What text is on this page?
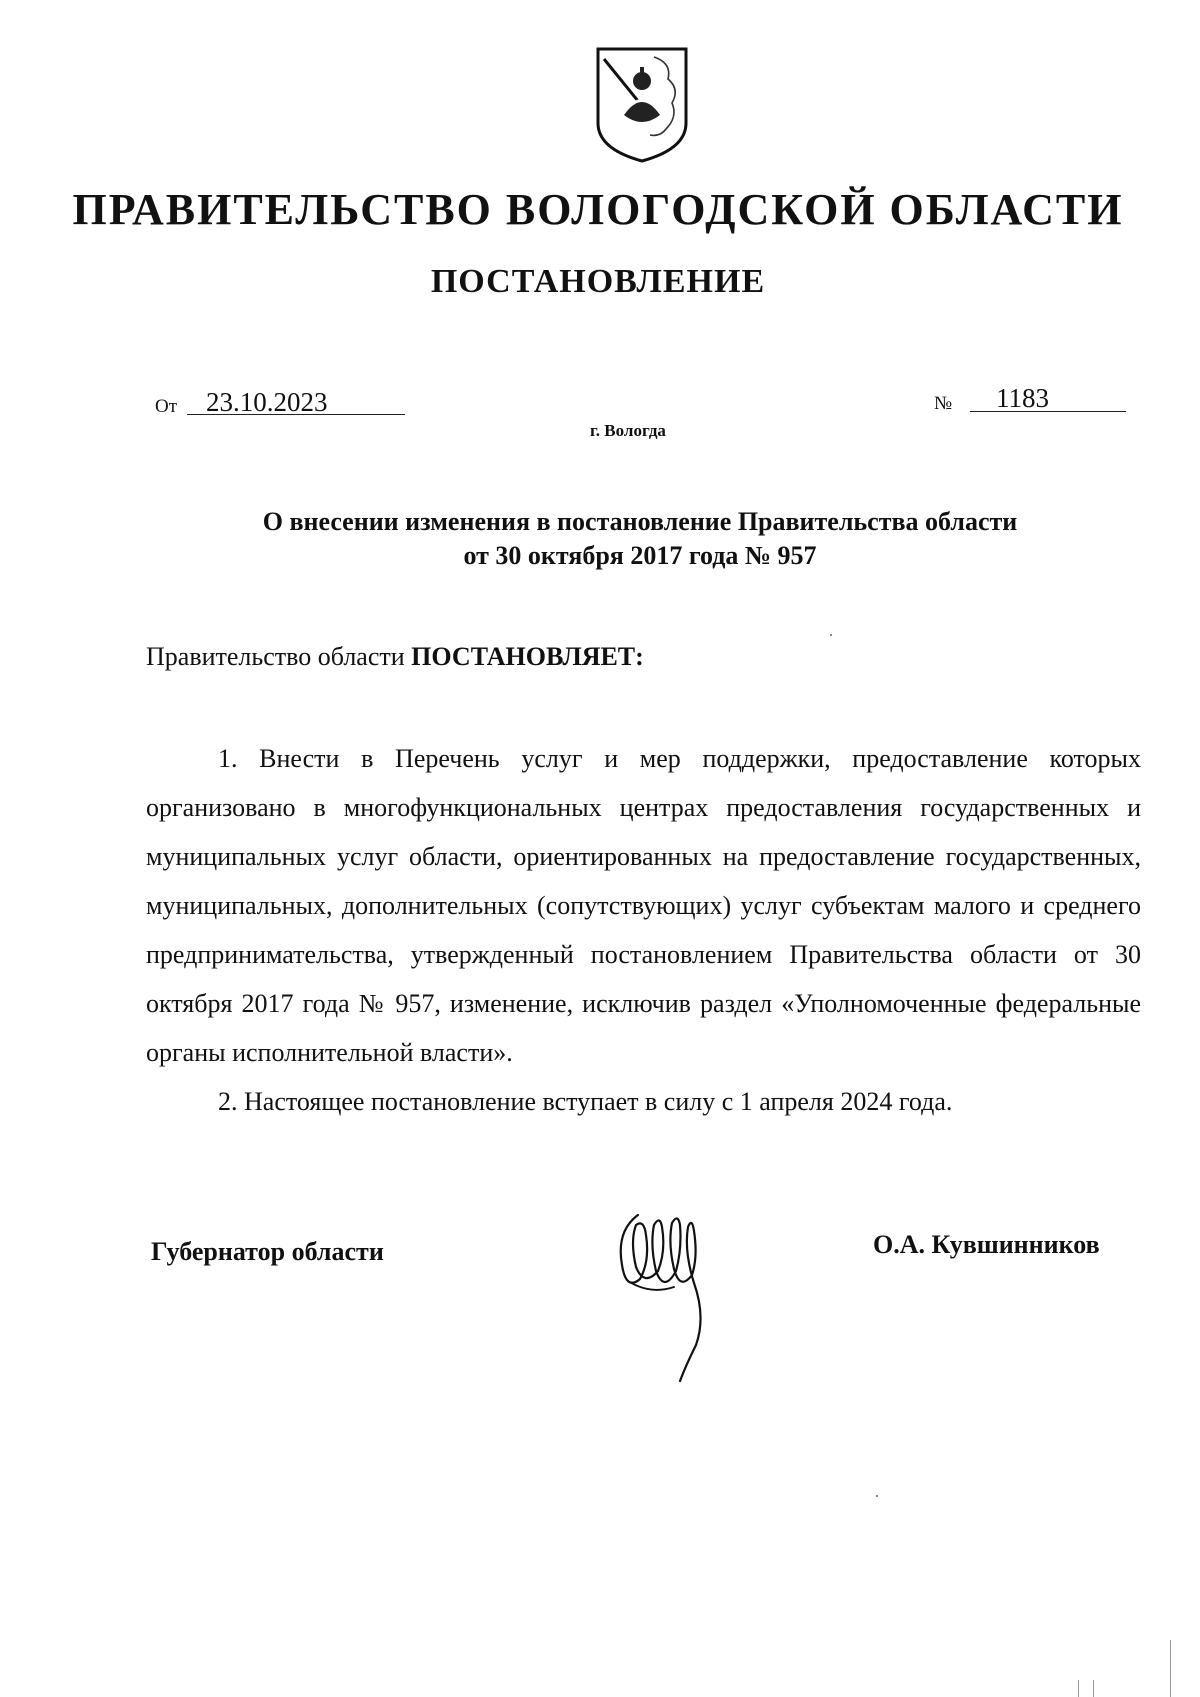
ПРАВИТЕЛЬСТВО ВОЛОГОДСКОЙ ОБЛАСТИ
ПОСТАНОВЛЕНИЕ
От 23.10.2023	№ 1183
г. Вологда
О внесении изменения в постановление Правительства области
от 30 октября 2017 года № 957
Правительство области ПОСТАНОВЛЯЕТ:

1. Внести в Перечень услуг и мер поддержки, предоставление которых организовано в многофункциональных центрах предоставления государственных и муниципальных услуг области, ориентированных на предоставление государственных, муниципальных, дополнительных (сопутствующих) услуг субъектам малого и среднего предпринимательства, утвержденный постановлением Правительства области от 30 октября 2017 года № 957, изменение, исключив раздел «Уполномоченные федеральные органы исполнительной власти».

2. Настоящее постановление вступает в силу с 1 апреля 2024 года.

Губернатор области	О.А. Кувшинников
